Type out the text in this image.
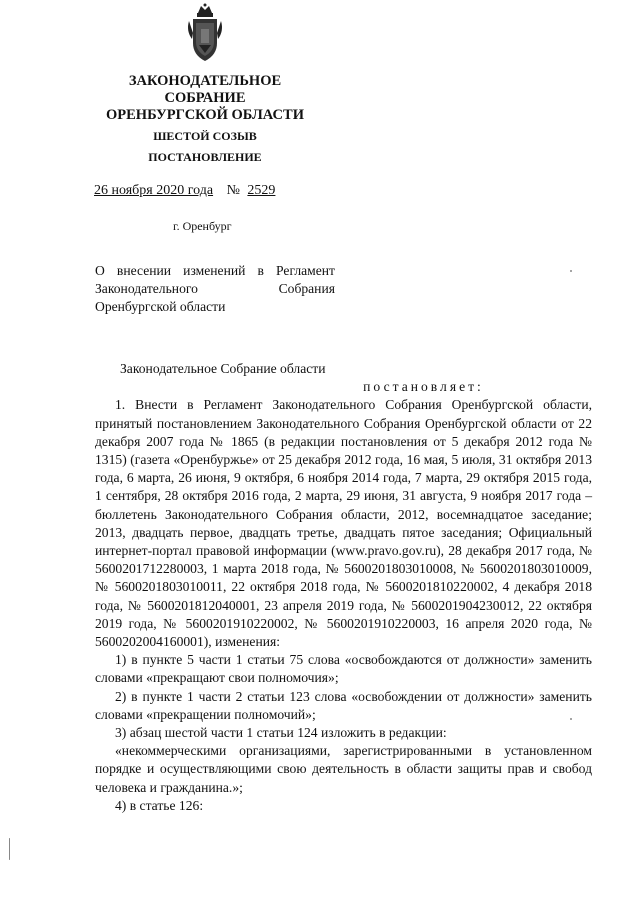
ЗАКОНОДАТЕЛЬНОЕ

СОБРАНИЕ

ОРЕНБУРГСКОЙ ОБЛАСТИ

ШЕСТОЙ СОЗЫВ

ПОСТАНОВЛЕНИЕ

26 ноября 2020 года № 2529
г. Оренбург
О внесении изменений в Регламент Законодательного Собрания Оренбургской области

Законодательное Собрание области

постановляет:

1. Внести в Регламент Законодательного Собрания Оренбургской области, принятый постановлением Законодательного Собрания Оренбургской области от 22 декабря 2007 года № 1865 (в редакции постановления от 5 декабря 2012 года № 1315) (газета «Оренбуржье» от 25 декабря 2012 года, 16 мая, 5 июля, 31 октября 2013 года, 6 марта, 26 июня, 9 октября, 6 ноября 2014 года, 7 марта, 29 октября 2015 года, 1 сентября, 28 октября 2016 года, 2 марта, 29 июня, 31 августа, 9 ноября 2017 года – бюллетень Законодательного Собрания области, 2012, восемнадцатое заседание; 2013, двадцать первое, двадцать третье, двадцать пятое заседания; Официальный интернет-портал правовой информации (www.pravo.gov.ru), 28 декабря 2017 года, № 5600201712280003, 1 марта 2018 года, № 5600201803010008, № 5600201803010009, № 5600201803010011, 22 октября 2018 года, № 5600201810220002, 4 декабря 2018 года, № 5600201812040001, 23 апреля 2019 года, № 5600201904230012, 22 октября 2019 года, № 5600201910220002, № 5600201910220003, 16 апреля 2020 года, № 5600202004160001), изменения:

1) в пункте 5 части 1 статьи 75 слова «освобождаются от должности» заменить словами «прекращают свои полномочия»;

2) в пункте 1 части 2 статьи 123 слова «освобождении от должности» заменить словами «прекращении полномочий»;

3) абзац шестой части 1 статьи 124 изложить в редакции:

«некоммерческими организациями, зарегистрированными в установленном порядке и осуществляющими свою деятельность в области защиты прав и свобод человека и гражданина.»;

4) в статье 126:
